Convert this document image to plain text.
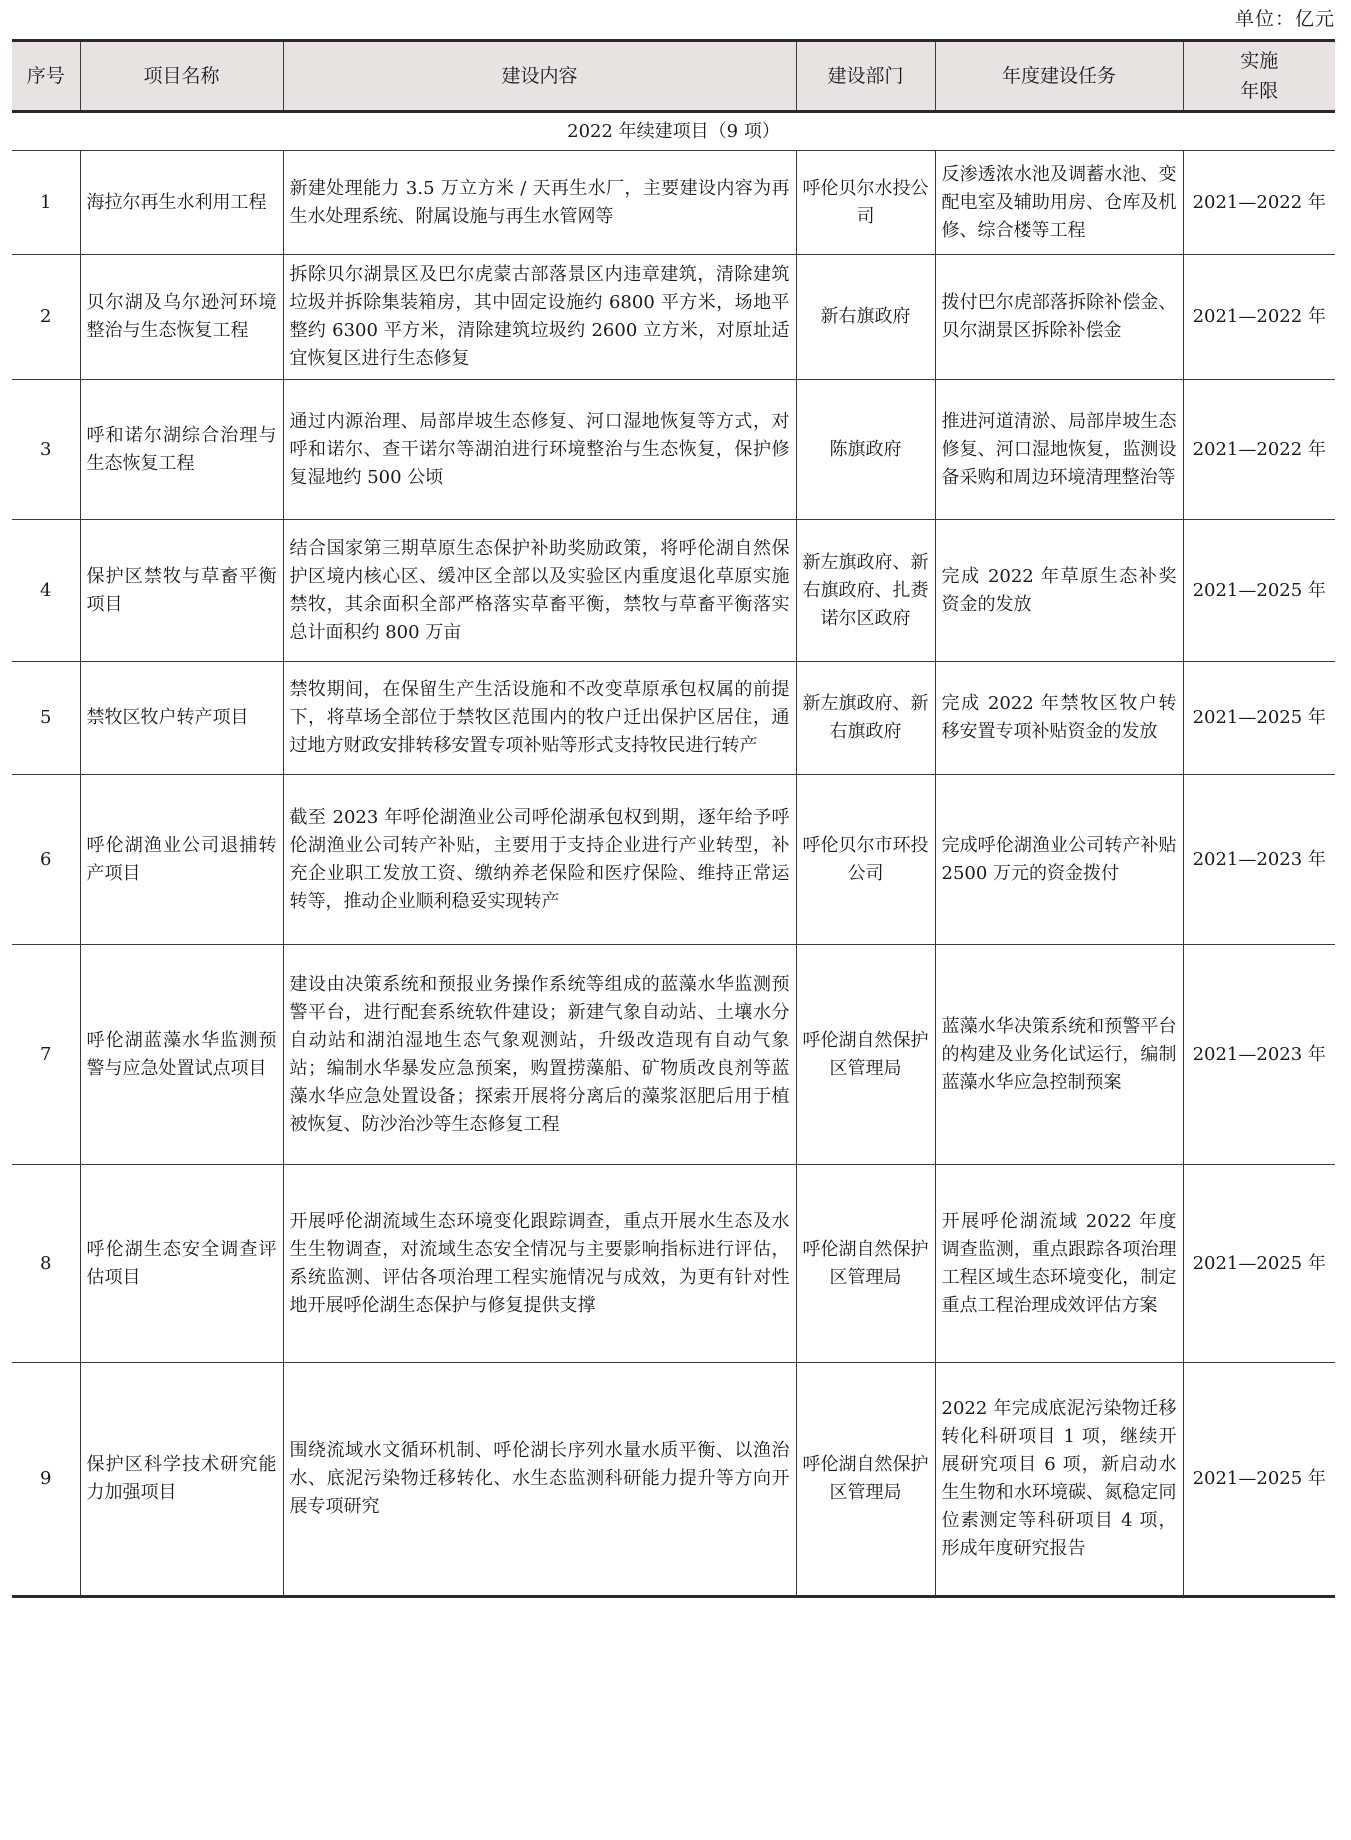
单位：亿元
序号	项目名称	建设内容	建设部门	年度建设任务	实施
年限

2022 年续建项目（9 项）					
1	海拉尔再生水利用工程	新建处理能力 3.5 万立方米 / 天再生水厂，主要建设内容为再生水处理系统、附属设施与再生水管网等	呼伦贝尔水投公司	反渗透浓水池及调蓄水池、变配电室及辅助用房、仓库及机修、综合楼等工程	2021—2022 年
2	贝尔湖及乌尔逊河环境整治与生态恢复工程	拆除贝尔湖景区及巴尔虎蒙古部落景区内违章建筑，清除建筑垃圾并拆除集装箱房，其中固定设施约 6800 平方米，场地平整约 6300 平方米，清除建筑垃圾约 2600 立方米，对原址适宜恢复区进行生态修复	新右旗政府	拨付巴尔虎部落拆除补偿金、贝尔湖景区拆除补偿金	2021—2022 年
3	呼和诺尔湖综合治理与生态恢复工程	通过内源治理、局部岸坡生态修复、河口湿地恢复等方式，对呼和诺尔、查干诺尔等湖泊进行环境整治与生态恢复，保护修复湿地约 500 公顷	陈旗政府	推进河道清淤、局部岸坡生态修复、河口湿地恢复，监测设备采购和周边环境清理整治等	2021—2022 年
4	保护区禁牧与草畜平衡项目	结合国家第三期草原生态保护补助奖励政策，将呼伦湖自然保护区境内核心区、缓冲区全部以及实验区内重度退化草原实施禁牧，其余面积全部严格落实草畜平衡，禁牧与草畜平衡落实总计面积约 800 万亩	新左旗政府、新右旗政府、扎赉诺尔区政府	完成 2022 年草原生态补奖资金的发放	2021—2025 年
5	禁牧区牧户转产项目	禁牧期间，在保留生产生活设施和不改变草原承包权属的前提下，将草场全部位于禁牧区范围内的牧户迁出保护区居住，通过地方财政安排转移安置专项补贴等形式支持牧民进行转产	新左旗政府、新右旗政府	完成 2022 年禁牧区牧户转移安置专项补贴资金的发放	2021—2025 年
6	呼伦湖渔业公司退捕转产项目	截至 2023 年呼伦湖渔业公司呼伦湖承包权到期，逐年给予呼伦湖渔业公司转产补贴，主要用于支持企业进行产业转型，补充企业职工发放工资、缴纳养老保险和医疗保险、维持正常运转等，推动企业顺利稳妥实现转产	呼伦贝尔市环投公司	完成呼伦湖渔业公司转产补贴 2500 万元的资金拨付	2021—2023 年
7	呼伦湖蓝藻水华监测预警与应急处置试点项目	建设由决策系统和预报业务操作系统等组成的蓝藻水华监测预警平台，进行配套系统软件建设；新建气象自动站、土壤水分自动站和湖泊湿地生态气象观测站，升级改造现有自动气象站；编制水华暴发应急预案，购置捞藻船、矿物质改良剂等蓝藻水华应急处置设备；探索开展将分离后的藻浆沤肥后用于植被恢复、防沙治沙等生态修复工程	呼伦湖自然保护区管理局	蓝藻水华决策系统和预警平台的构建及业务化试运行，编制蓝藻水华应急控制预案	2021—2023 年
8	呼伦湖生态安全调查评估项目	开展呼伦湖流域生态环境变化跟踪调查，重点开展水生态及水生生物调查，对流域生态安全情况与主要影响指标进行评估，系统监测、评估各项治理工程实施情况与成效，为更有针对性地开展呼伦湖生态保护与修复提供支撑	呼伦湖自然保护区管理局	开展呼伦湖流域 2022 年度调查监测，重点跟踪各项治理工程区域生态环境变化，制定重点工程治理成效评估方案	2021—2025 年
9	保护区科学技术研究能力加强项目	围绕流域水文循环机制、呼伦湖长序列水量水质平衡、以渔治水、底泥污染物迁移转化、水生态监测科研能力提升等方向开展专项研究	呼伦湖自然保护区管理局	2022 年完成底泥污染物迁移转化科研项目 1 项，继续开展研究项目 6 项，新启动水生生物和水环境碳、氮稳定同位素测定等科研项目 4 项，形成年度研究报告	2021—2025 年
